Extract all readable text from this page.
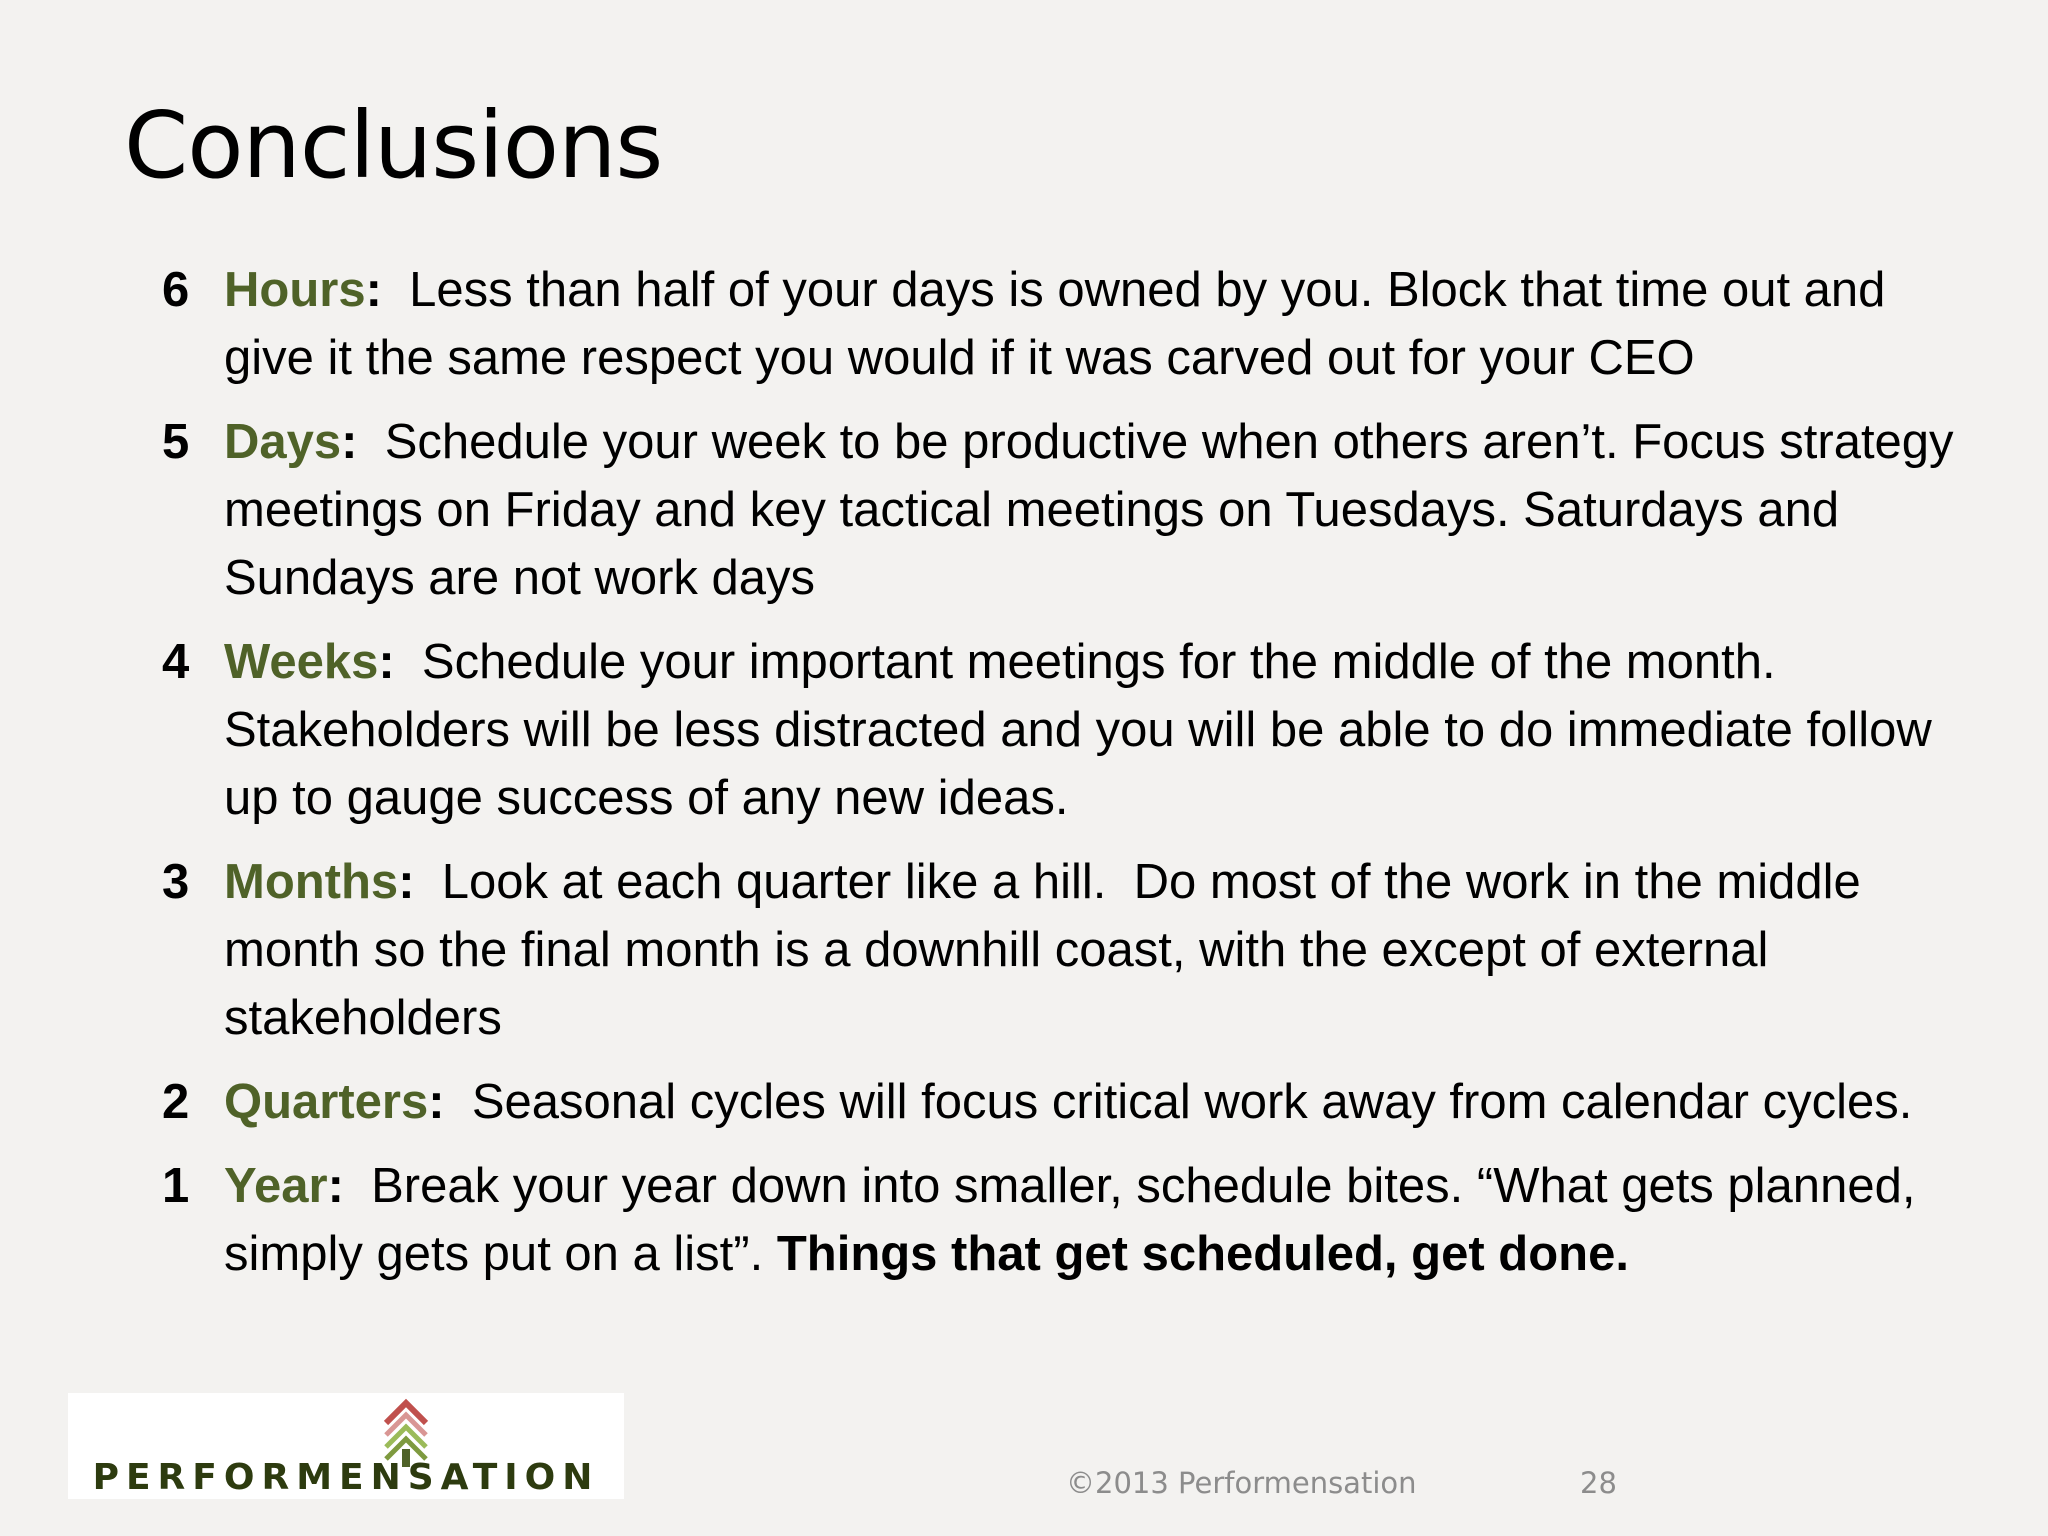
Conclusions
6 Hours:  Less than half of your days is owned by you. Block that time out and give it the same respect you would if it was carved out for your CEO
5 Days:  Schedule your week to be productive when others aren’t. Focus strategy meetings on Friday and key tactical meetings on Tuesdays. Saturdays and Sundays are not work days
4 Weeks:  Schedule your important meetings for the middle of the month. Stakeholders will be less distracted and you will be able to do immediate follow up to gauge success of any new ideas.
3 Months:  Look at each quarter like a hill.  Do most of the work in the middle month so the final month is a downhill coast, with the except of external stakeholders
2 Quarters:  Seasonal cycles will focus critical work away from calendar cycles.
1 Year:  Break your year down into smaller, schedule bites. “What gets planned, simply gets put on a list”. Things that get scheduled, get done.
PERFORMENSATION	©2013 Performensation	28
